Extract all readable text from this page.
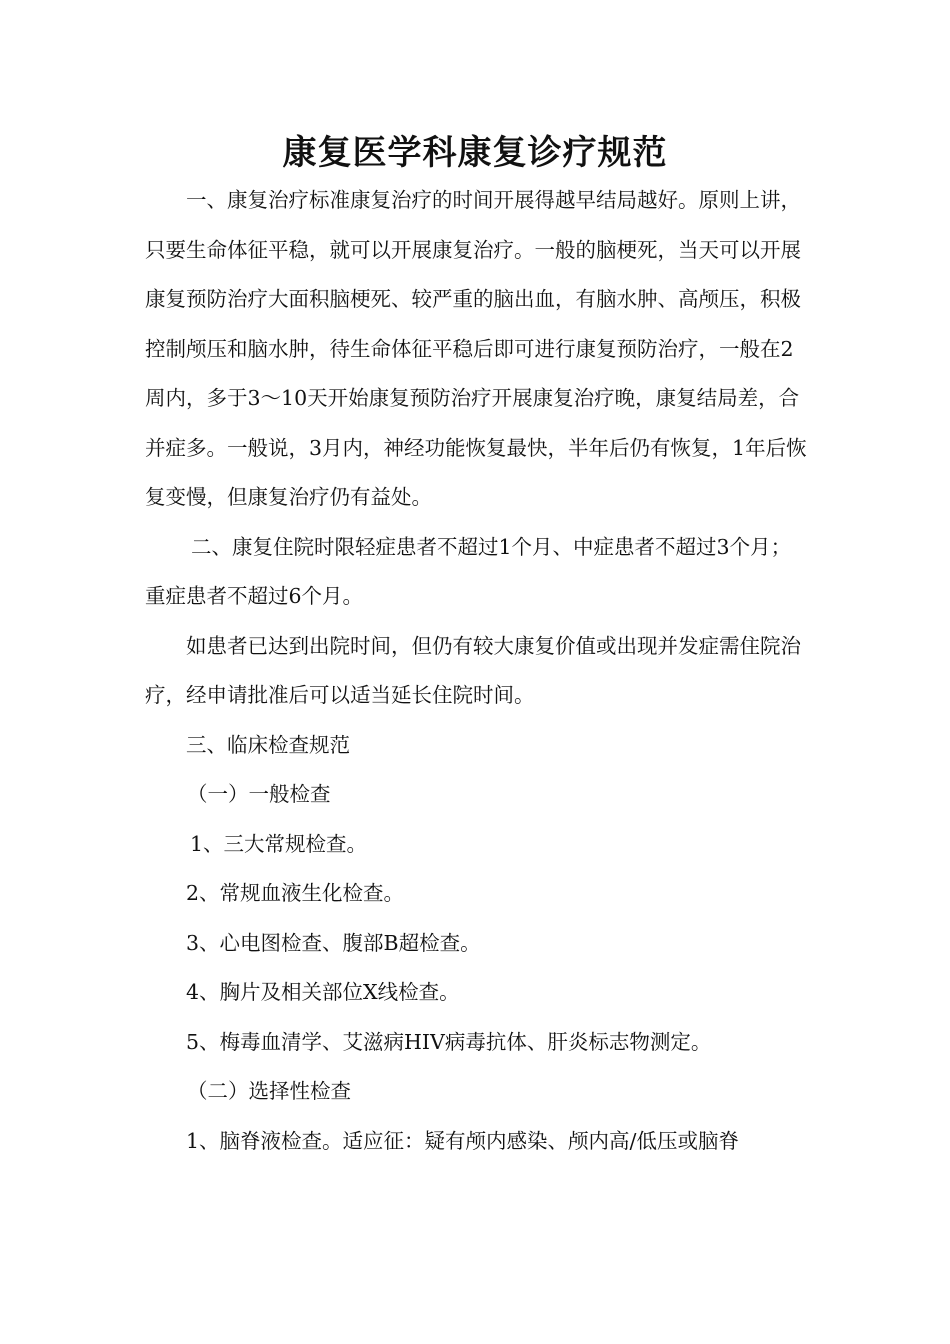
康复医学科康复诊疗规范

一、康复治疗标准康复治疗的时间开展得越早结局越好。原则上讲，只要生命体征平稳，就可以开展康复治疗。一般的脑梗死，当天可以开展康复预防治疗大面积脑梗死、较严重的脑出血，有脑水肿、高颅压，积极控制颅压和脑水肿，待生命体征平稳后即可进行康复预防治疗，一般在2周内，多于3～10天开始康复预防治疗开展康复治疗晚，康复结局差，合并症多。一般说，3月内，神经功能恢复最快，半年后仍有恢复，1年后恢复变慢，但康复治疗仍有益处。

二、康复住院时限轻症患者不超过1个月、中症患者不超过3个月；重症患者不超过6个月。

如患者已达到出院时间，但仍有较大康复价值或出现并发症需住院治疗，经申请批准后可以适当延长住院时间。

三、临床检查规范

（一）一般检查

1、三大常规检查。

2、常规血液生化检查。

3、心电图检查、腹部B超检查。

4、胸片及相关部位X线检查。

5、梅毒血清学、艾滋病HIV病毒抗体、肝炎标志物测定。

（二）选择性检查

1、脑脊液检查。适应征：疑有颅内感染、颅内高/低压或脑脊
